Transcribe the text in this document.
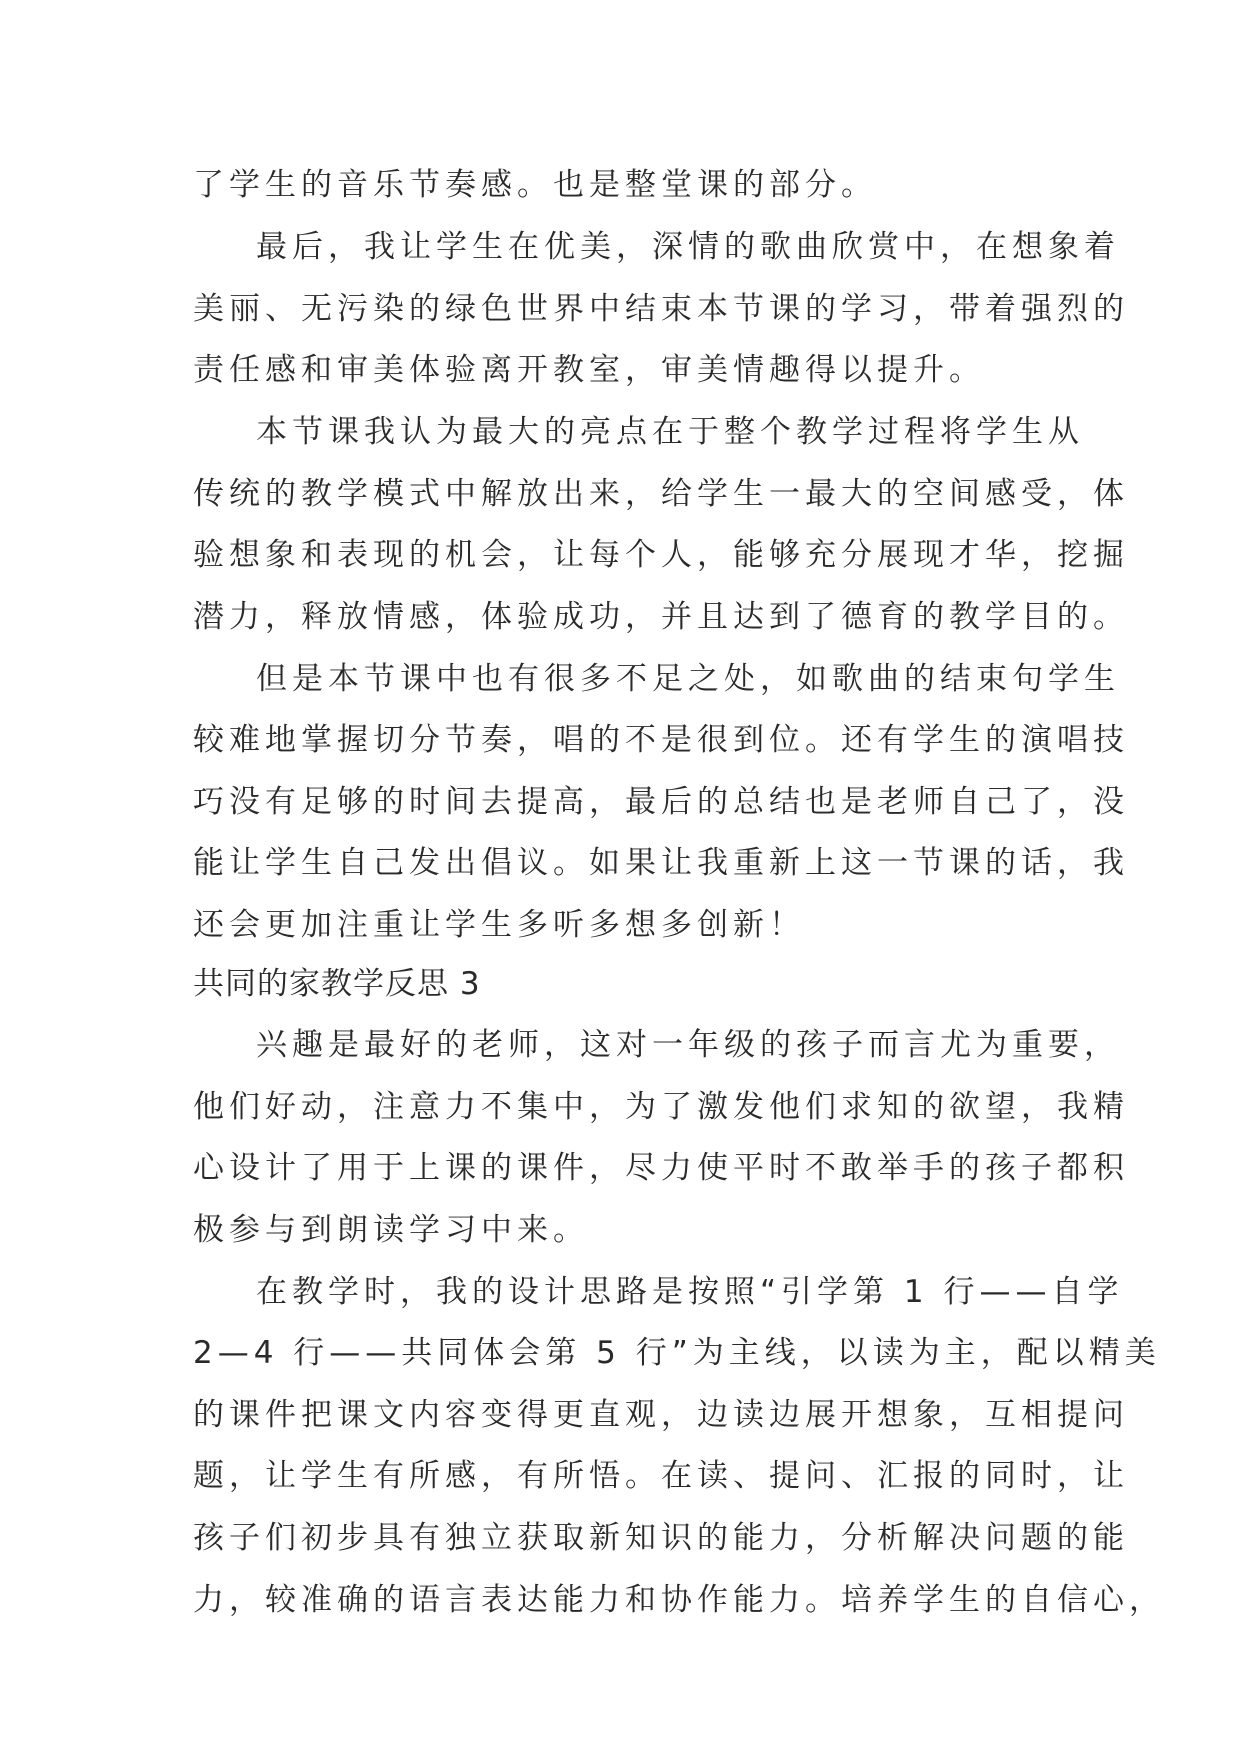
了学生的音乐节奏感。也是整堂课的部分。
最后，我让学生在优美，深情的歌曲欣赏中，在想象着
美丽、无污染的绿色世界中结束本节课的学习，带着强烈的
责任感和审美体验离开教室，审美情趣得以提升。
本节课我认为最大的亮点在于整个教学过程将学生从
传统的教学模式中解放出来，给学生一最大的空间感受，体
验想象和表现的机会，让每个人，能够充分展现才华，挖掘
潜力，释放情感，体验成功，并且达到了德育的教学目的。
但是本节课中也有很多不足之处，如歌曲的结束句学生
较难地掌握切分节奏，唱的不是很到位。还有学生的演唱技
巧没有足够的时间去提高，最后的总结也是老师自己了，没
能让学生自己发出倡议。如果让我重新上这一节课的话，我
还会更加注重让学生多听多想多创新！
共同的家教学反思 3
兴趣是最好的老师，这对一年级的孩子而言尤为重要，
他们好动，注意力不集中，为了激发他们求知的欲望，我精
心设计了用于上课的课件，尽力使平时不敢举手的孩子都积
极参与到朗读学习中来。
在教学时，我的设计思路是按照“引学第 1 行——自学
2—4 行——共同体会第 5 行”为主线，以读为主，配以精美
的课件把课文内容变得更直观，边读边展开想象，互相提问
题，让学生有所感，有所悟。在读、提问、汇报的同时，让
孩子们初步具有独立获取新知识的能力，分析解决问题的能
力，较准确的语言表达能力和协作能力。培养学生的自信心，
